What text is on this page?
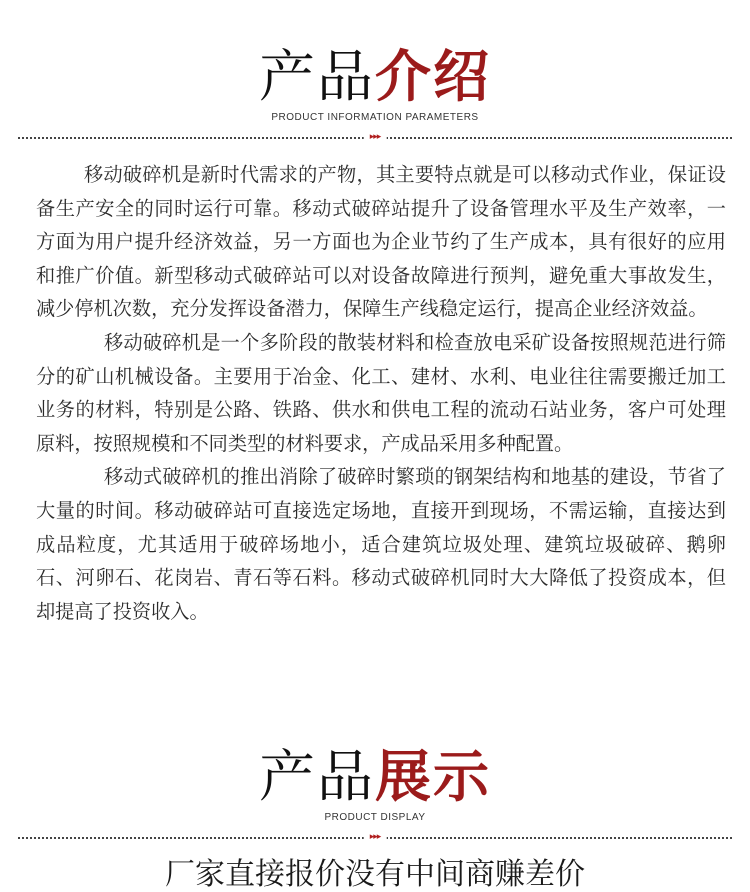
产品介绍
PRODUCT INFORMATION PARAMETERS
▸▸▸

移动破碎机是新时代需求的产物，其主要特点就是可以移动式作业，保证设备生产安全的同时运行可靠。移动式破碎站提升了设备管理水平及生产效率，一方面为用户提升经济效益，另一方面也为企业节约了生产成本，具有很好的应用和推广价值。新型移动式破碎站可以对设备故障进行预判，避免重大事故发生，减少停机次数，充分发挥设备潜力，保障生产线稳定运行，提高企业经济效益。

移动破碎机是一个多阶段的散装材料和检查放电采矿设备按照规范进行筛分的矿山机械设备。主要用于冶金、化工、建材、水利、电业往往需要搬迁加工业务的材料，特别是公路、铁路、供水和供电工程的流动石站业务，客户可处理原料，按照规模和不同类型的材料要求，产成品采用多种配置。

移动式破碎机的推出消除了破碎时繁琐的钢架结构和地基的建设，节省了大量的时间。移动破碎站可直接选定场地，直接开到现场，不需运输，直接达到成品粒度，尤其适用于破碎场地小，适合建筑垃圾处理、建筑垃圾破碎、鹅卵石、河卵石、花岗岩、青石等石料。移动式破碎机同时大大降低了投资成本，但却提高了投资收入。

产品展示
PRODUCT DISPLAY
▸▸▸
厂家直接报价没有中间商赚差价
